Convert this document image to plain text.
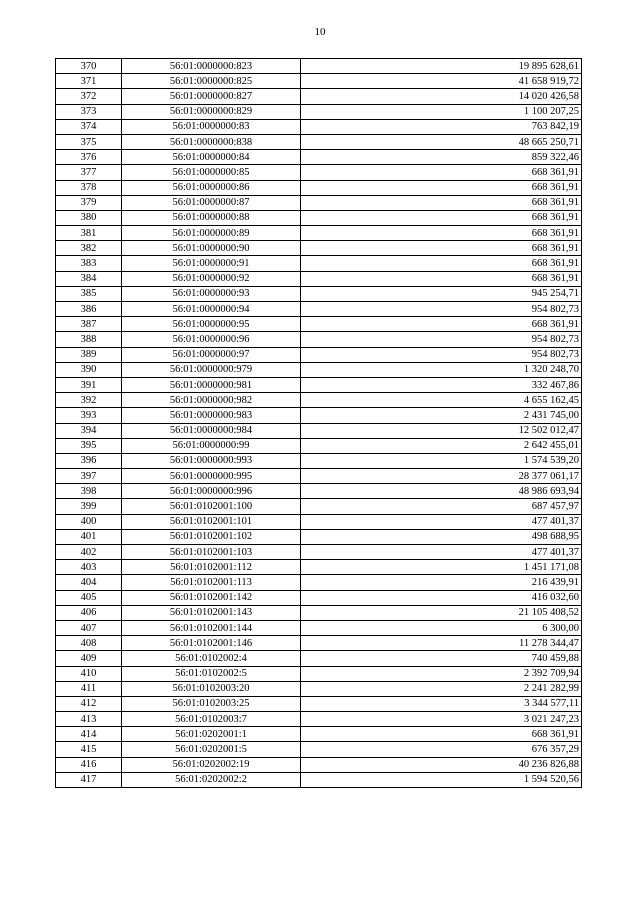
10
370	56:01:0000000:823	19 895 628,61
371	56:01:0000000:825	41 658 919,72
372	56:01:0000000:827	14 020 426,58
373	56:01:0000000:829	1 100 207,25
374	56:01:0000000:83	763 842,19
375	56:01:0000000:838	48 665 250,71
376	56:01:0000000:84	859 322,46
377	56:01:0000000:85	668 361,91
378	56:01:0000000:86	668 361,91
379	56:01:0000000:87	668 361,91
380	56:01:0000000:88	668 361,91
381	56:01:0000000:89	668 361,91
382	56:01:0000000:90	668 361,91
383	56:01:0000000:91	668 361,91
384	56:01:0000000:92	668 361,91
385	56:01:0000000:93	945 254,71
386	56:01:0000000:94	954 802,73
387	56:01:0000000:95	668 361,91
388	56:01:0000000:96	954 802,73
389	56:01:0000000:97	954 802,73
390	56:01:0000000:979	1 320 248,70
391	56:01:0000000:981	332 467,86
392	56:01:0000000:982	4 655 162,45
393	56:01:0000000:983	2 431 745,00
394	56:01:0000000:984	12 502 012,47
395	56:01:0000000:99	2 642 455,01
396	56:01:0000000:993	1 574 539,20
397	56:01:0000000:995	28 377 061,17
398	56:01:0000000:996	48 986 693,94
399	56:01:0102001:100	687 457,97
400	56:01:0102001:101	477 401,37
401	56:01:0102001:102	498 688,95
402	56:01:0102001:103	477 401,37
403	56:01:0102001:112	1 451 171,08
404	56:01:0102001:113	216 439,91
405	56:01:0102001:142	416 032,60
406	56:01:0102001:143	21 105 408,52
407	56:01:0102001:144	6 300,00
408	56:01:0102001:146	11 278 344,47
409	56:01:0102002:4	740 459,88
410	56:01:0102002:5	2 392 709,94
411	56:01:0102003:20	2 241 282,99
412	56:01:0102003:25	3 344 577,11
413	56:01:0102003:7	3 021 247,23
414	56:01:0202001:1	668 361,91
415	56:01:0202001:5	676 357,29
416	56:01:0202002:19	40 236 826,88
417	56:01:0202002:2	1 594 520,56
